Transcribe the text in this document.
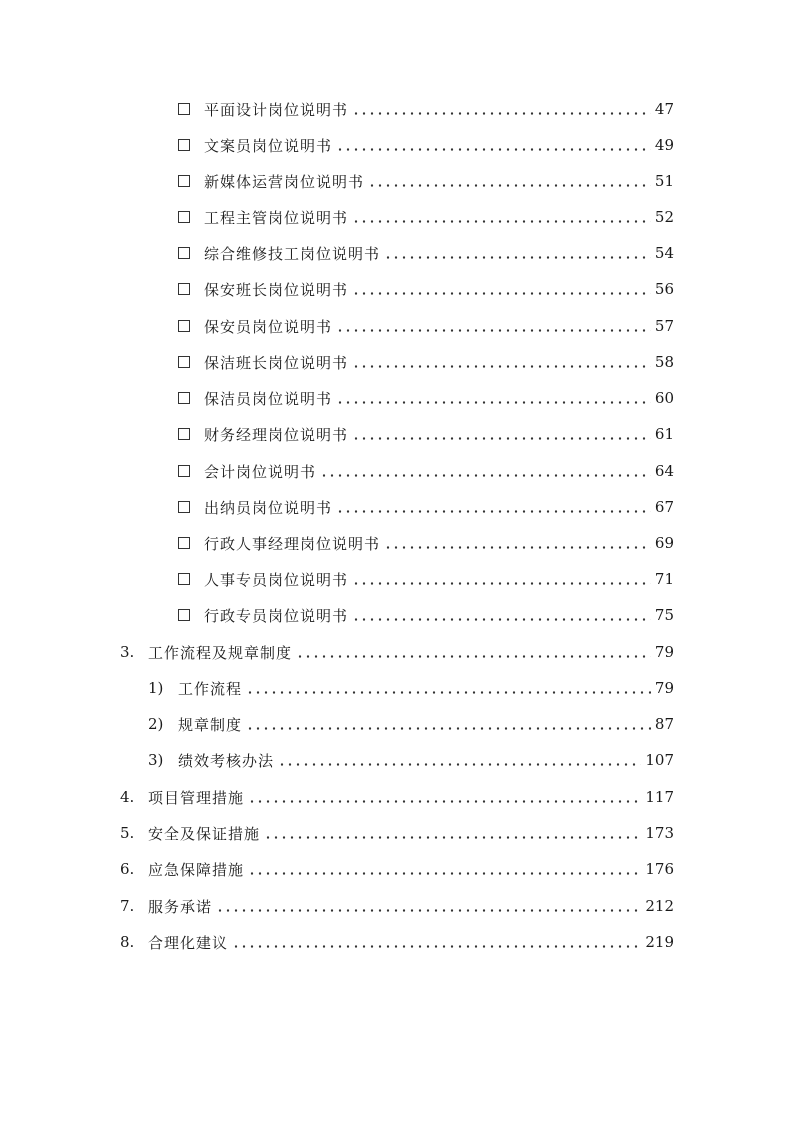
平面设计岗位说明书	47
文案员岗位说明书	49
新媒体运营岗位说明书	51
工程主管岗位说明书	52
综合维修技工岗位说明书	54
保安班长岗位说明书	56
保安员岗位说明书	57
保洁班长岗位说明书	58
保洁员岗位说明书	60
财务经理岗位说明书	61
会计岗位说明书	64
出纳员岗位说明书	67
行政人事经理岗位说明书	69
人事专员岗位说明书	71
行政专员岗位说明书	75
3. 工作流程及规章制度	79
1) 工作流程	79
2) 规章制度	87
3) 绩效考核办法	107
4. 项目管理措施	117
5. 安全及保证措施	173
6. 应急保障措施	176
7. 服务承诺	212
8. 合理化建议	219
